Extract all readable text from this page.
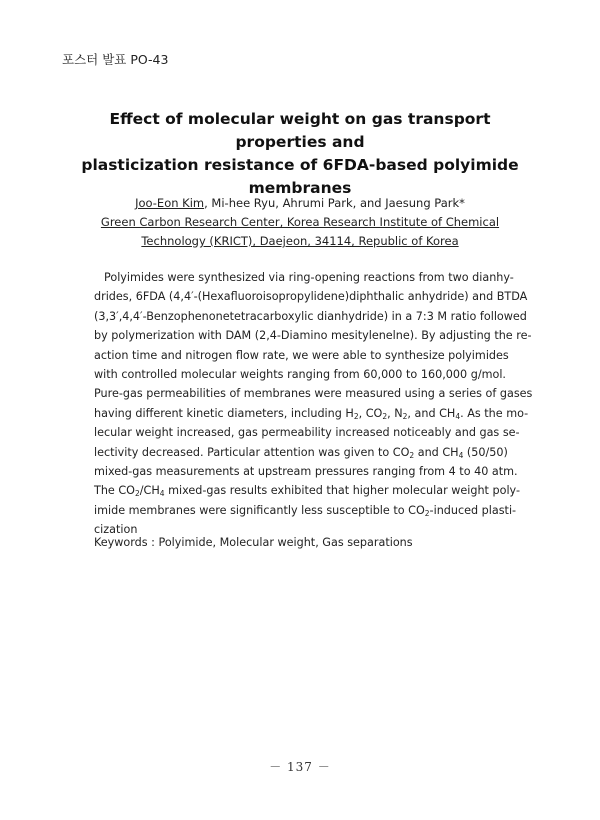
포스터 발표 PO-43
Effect of molecular weight on gas transport properties and
plasticization resistance of 6FDA-based polyimide
membranes
Joo-Eon Kim, Mi-hee Ryu, Ahrumi Park, and Jaesung Park*
Green Carbon Research Center, Korea Research Institute of Chemical
Technology (KRICT), Daejeon, 34114, Republic of Korea
Polyimides were synthesized via ring-opening reactions from two dianhy-
drides, 6FDA (4,4′-(Hexafluoroisopropylidene)diphthalic anhydride) and BTDA
(3,3′,4,4′-Benzophenonetetracarboxylic dianhydride) in a 7:3 M ratio followed
by polymerization with DAM (2,4-Diamino mesitylenelne). By adjusting the re-
action time and nitrogen flow rate, we were able to synthesize polyimides
with controlled molecular weights ranging from 60,000 to 160,000 g/mol.
Pure-gas permeabilities of membranes were measured using a series of gases
having different kinetic diameters, including $H_2$, $CO_2$, $N_2$, and $CH_4$. As the mo-
lecular weight increased, gas permeability increased noticeably and gas se-
lectivity decreased. Particular attention was given to $CO_2$ and $CH_4$ (50/50)
mixed-gas measurements at upstream pressures ranging from 4 to 40 atm.
The $CO_2/CH_4$ mixed-gas results exhibited that higher molecular weight poly-
imide membranes were significantly less susceptible to $CO_2$-induced plasti-
cization
Keywords : Polyimide, Molecular weight, Gas separations
－ 137 －
